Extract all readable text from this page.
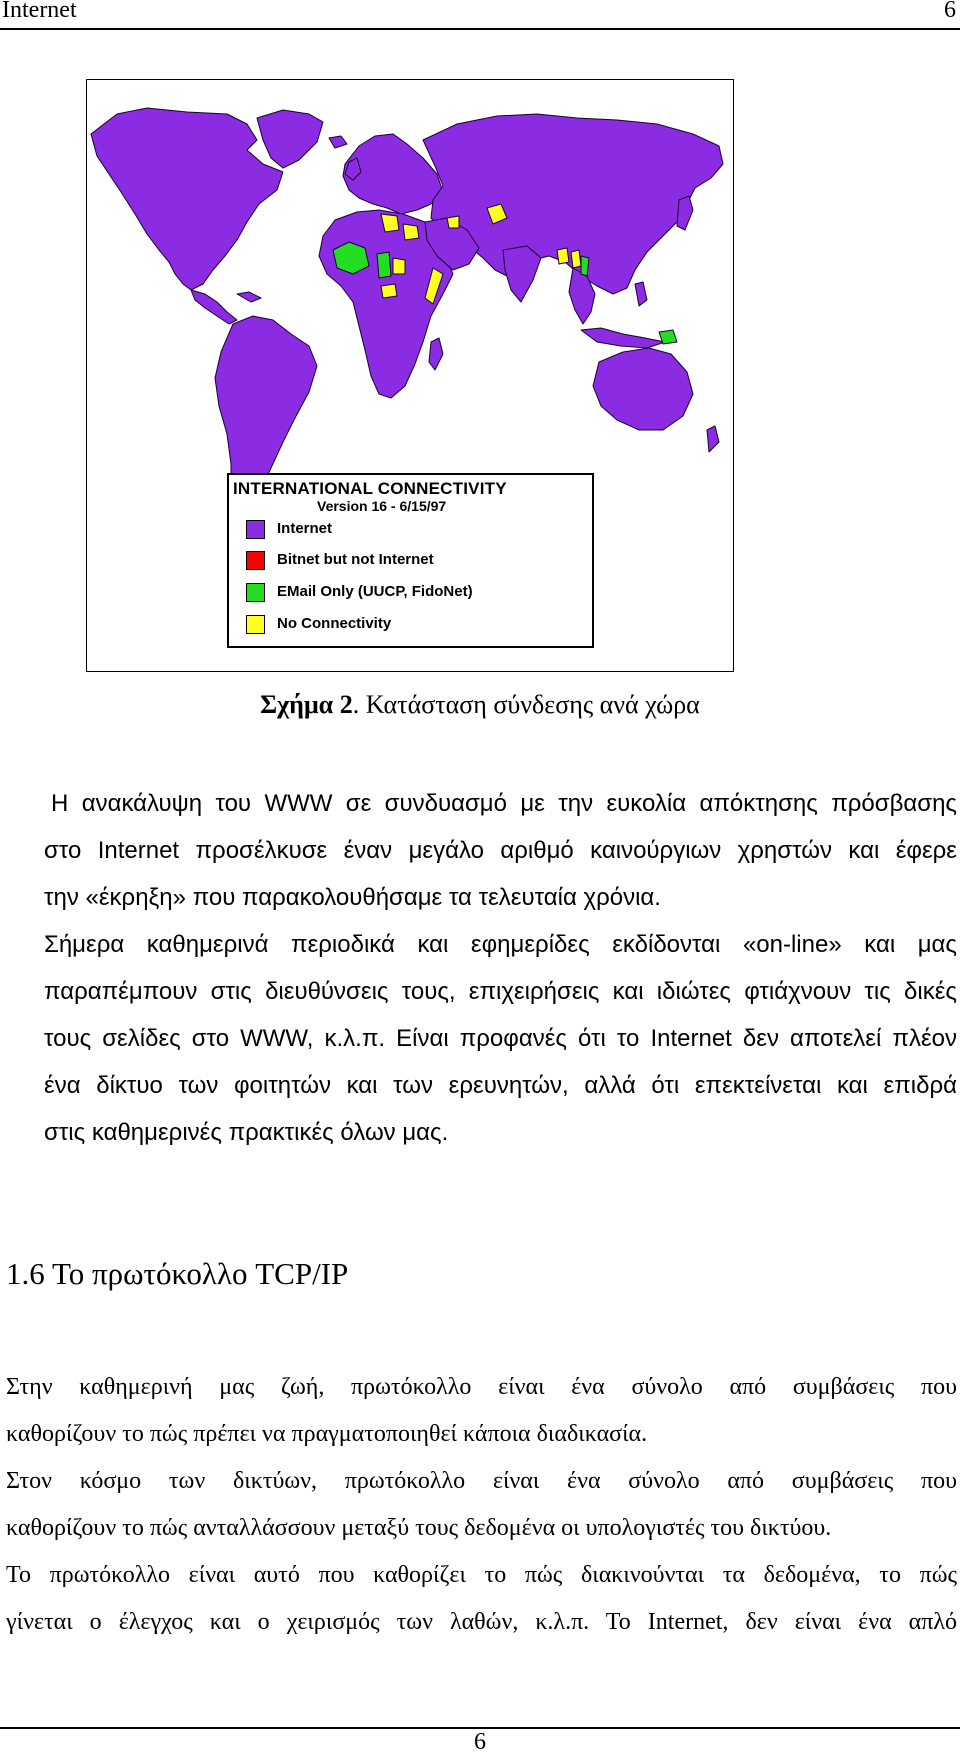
Internet	6
INTERNATIONAL CONNECTIVITY
Version 16 - 6/15/97
Internet
Bitnet but not Internet
EMail Only (UUCP, FidoNet)
No Connectivity
Σχήμα 2. Κατάσταση σύνδεσης ανά χώρα
Η ανακάλυψη του WWW σε συνδυασμό με την ευκολία απόκτησης πρόσβασης
στο Internet προσέλκυσε έναν μεγάλο αριθμό καινούργιων χρηστών και έφερε
την «έκρηξη» που παρακολουθήσαμε τα τελευταία χρόνια.
Σήμερα καθημερινά περιοδικά και εφημερίδες εκδίδονται «on-line» και μας
παραπέμπουν στις διευθύνσεις τους, επιχειρήσεις και ιδιώτες φτιάχνουν τις δικές
τους σελίδες στο WWW, κ.λ.π. Είναι προφανές ότι το Internet δεν αποτελεί πλέον
ένα δίκτυο των φοιτητών και των ερευνητών, αλλά ότι επεκτείνεται και επιδρά
στις καθημερινές πρακτικές όλων μας.
1.6 Το πρωτόκολλο TCP/IP
Στην καθημερινή μας ζωή, πρωτόκολλο είναι ένα σύνολο από συμβάσεις που
καθορίζουν το πώς πρέπει να πραγματοποιηθεί κάποια διαδικασία.
Στον κόσμο των δικτύων, πρωτόκολλο είναι ένα σύνολο από συμβάσεις που
καθορίζουν το πώς ανταλλάσσουν μεταξύ τους δεδομένα οι υπολογιστές του δικτύου.
Το πρωτόκολλο είναι αυτό που καθορίζει το πώς διακινούνται τα δεδομένα, το πώς
γίνεται ο έλεγχος και ο χειρισμός των λαθών, κ.λ.π. Το Internet, δεν είναι ένα απλό
6
